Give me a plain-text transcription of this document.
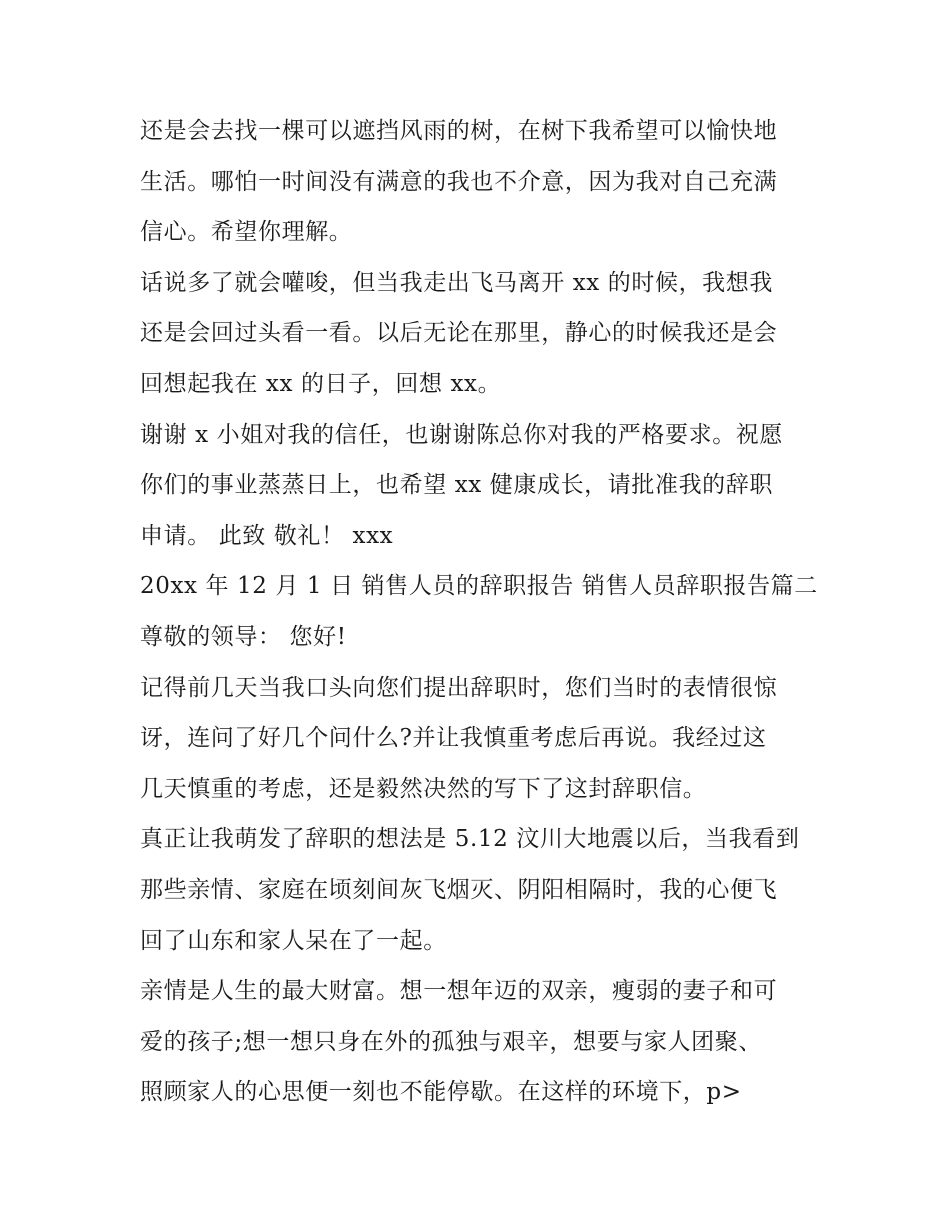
还是会去找一棵可以遮挡风雨的树，在树下我希望可以愉快地
生活。哪怕一时间没有满意的我也不介意，因为我对自己充满
信心。希望你理解。
话说多了就会嚾唆，但当我走出飞马离开 xx 的时候，我想我
还是会回过头看一看。以后无论在那里，静心的时候我还是会
回想起我在 xx 的日子，回想 xx。
谢谢 x 小姐对我的信任，也谢谢陈总你对我的严格要求。祝愿
你们的事业蒸蒸日上，也希望 xx 健康成长，请批准我的辞职
申请。 此致 敬礼！ xxx
20xx 年 12 月 1 日 销售人员的辞职报告 销售人员辞职报告篇二
尊敬的领导： 您好!
记得前几天当我口头向您们提出辞职时，您们当时的表情很惊
讶，连问了好几个问什么?并让我慎重考虑后再说。我经过这
几天慎重的考虑，还是毅然决然的写下了这封辞职信。
真正让我萌发了辞职的想法是 5.12 汶川大地震以后，当我看到
那些亲情、家庭在顷刻间灰飞烟灭、阴阳相隔时，我的心便飞
回了山东和家人呆在了一起。
亲情是人生的最大财富。想一想年迈的双亲，瘦弱的妻子和可
爱的孩子;想一想只身在外的孤独与艰辛，想要与家人团聚、
照顾家人的心思便一刻也不能停歇。在这样的环境下，p>
